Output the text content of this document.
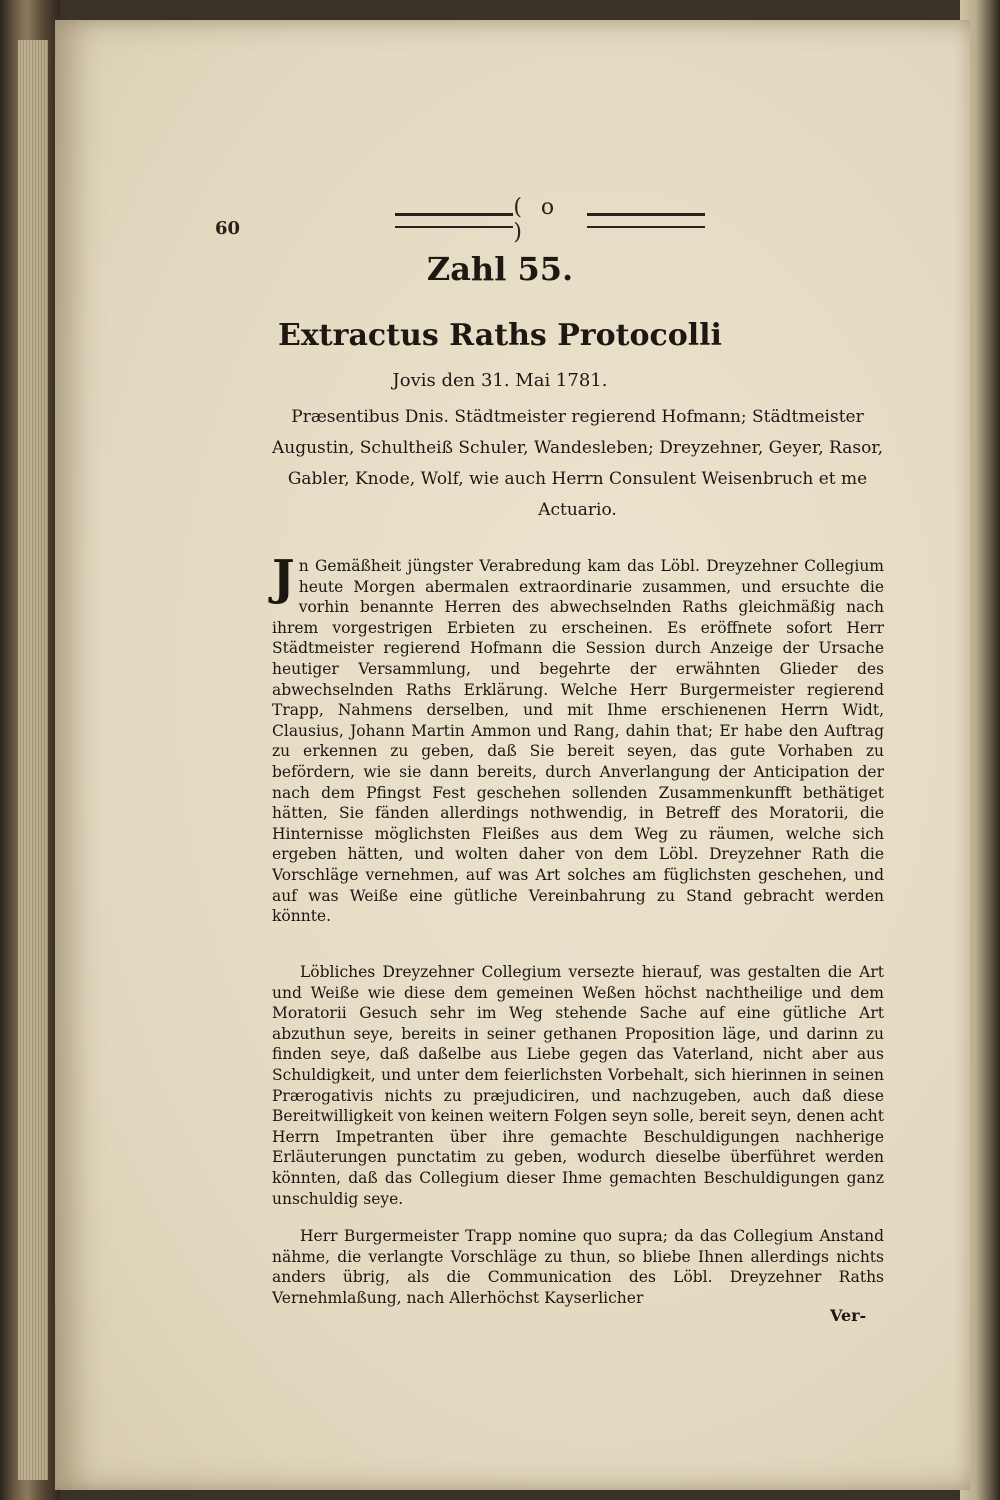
60
( o )
Zahl 55.
Extractus Raths Protocolli
Jovis den 31. Mai 1781.
Præsentibus Dnis. Städtmeister regierend Hofmann; Städtmeister Augustin, Schultheiß Schuler, Wandesleben; Dreyzehner, Geyer, Rasor, Gabler, Knode, Wolf, wie auch Herrn Consulent Weisenbruch et me Actuario.
Jn Gemäßheit jüngster Verabredung kam das Löbl. Dreyzehner Collegium heute Morgen abermalen extraordinarie zusammen, und ersuchte die vorhin benannte Herren des abwechselnden Raths gleichmäßig nach ihrem vorgestrigen Erbieten zu erscheinen. Es eröffnete sofort Herr Städtmeister regierend Hofmann die Session durch Anzeige der Ursache heutiger Versammlung, und begehrte der erwähnten Glieder des abwechselnden Raths Erklärung. Welche Herr Burgermeister regierend Trapp, Nahmens derselben, und mit Ihme erschienenen Herrn Widt, Clausius, Johann Martin Ammon und Rang, dahin that; Er habe den Auftrag zu erkennen zu geben, daß Sie bereit seyen, das gute Vorhaben zu befördern, wie sie dann bereits, durch Anverlangung der Anticipation der nach dem Pfingst Fest geschehen sollenden Zusammenkunfft bethätiget hätten, Sie fänden allerdings nothwendig, in Betreff des Moratorii, die Hinternisse möglichsten Fleißes aus dem Weg zu räumen, welche sich ergeben hätten, und wolten daher von dem Löbl. Dreyzehner Rath die Vorschläge vernehmen, auf was Art solches am füglichsten geschehen, und auf was Weiße eine gütliche Vereinbahrung zu Stand gebracht werden könnte.
Löbliches Dreyzehner Collegium versezte hierauf, was gestalten die Art und Weiße wie diese dem gemeinen Weßen höchst nachtheilige und dem Moratorii Gesuch sehr im Weg stehende Sache auf eine gütliche Art abzuthun seye, bereits in seiner gethanen Proposition läge, und darinn zu finden seye, daß daßelbe aus Liebe gegen das Vaterland, nicht aber aus Schuldigkeit, und unter dem feierlichsten Vorbehalt, sich hierinnen in seinen Prærogativis nichts zu præjudiciren, und nachzugeben, auch daß diese Bereitwilligkeit von keinen weitern Folgen seyn solle, bereit seyn, denen acht Herrn Impetranten über ihre gemachte Beschuldigungen nachherige Erläuterungen punctatim zu geben, wodurch dieselbe überführet werden könnten, daß das Collegium dieser Ihme gemachten Beschuldigungen ganz unschuldig seye.
Herr Burgermeister Trapp nomine quo supra; da das Collegium Anstand nähme, die verlangte Vorschläge zu thun, so bliebe Ihnen allerdings nichts anders übrig, als die Communication des Löbl. Dreyzehner Raths Vernehmlaßung, nach Allerhöchst Kayserlicher
Ver-
